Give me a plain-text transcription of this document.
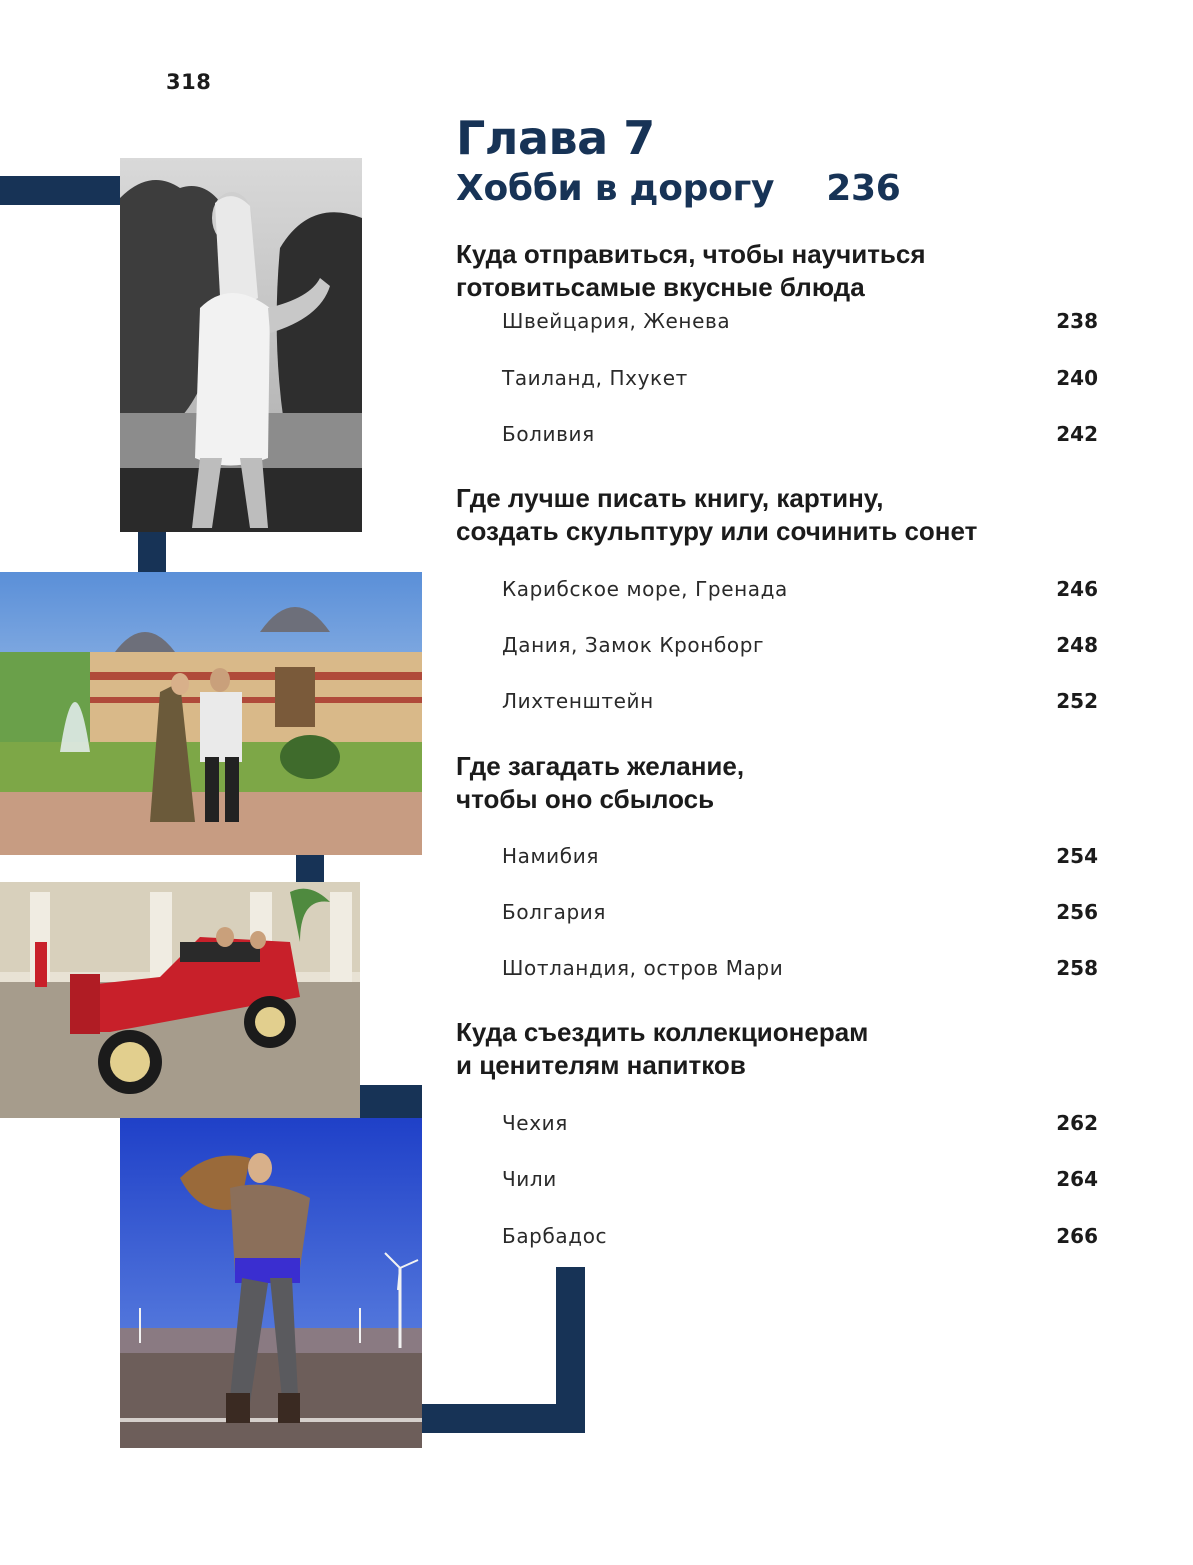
318
Глава 7
Хобби в дорогу 236
Куда отправиться, чтобы научиться
готовитьсамые вкусные блюда
Швейцария, Женева	238
Таиланд, Пхукет	240
Боливия	242
Где лучше писать книгу, картину,
создать скульптуру или сочинить сонет
Карибское море, Гренада	246
Дания, Замок Кронборг	248
Лихтенштейн	252
Где загадать желание,
чтобы оно сбылось
Намибия	254
Болгария	256
Шотландия, остров Мари	258
Куда съездить коллекционерам
и ценителям напитков
Чехия	262
Чили	264
Барбадос	266
